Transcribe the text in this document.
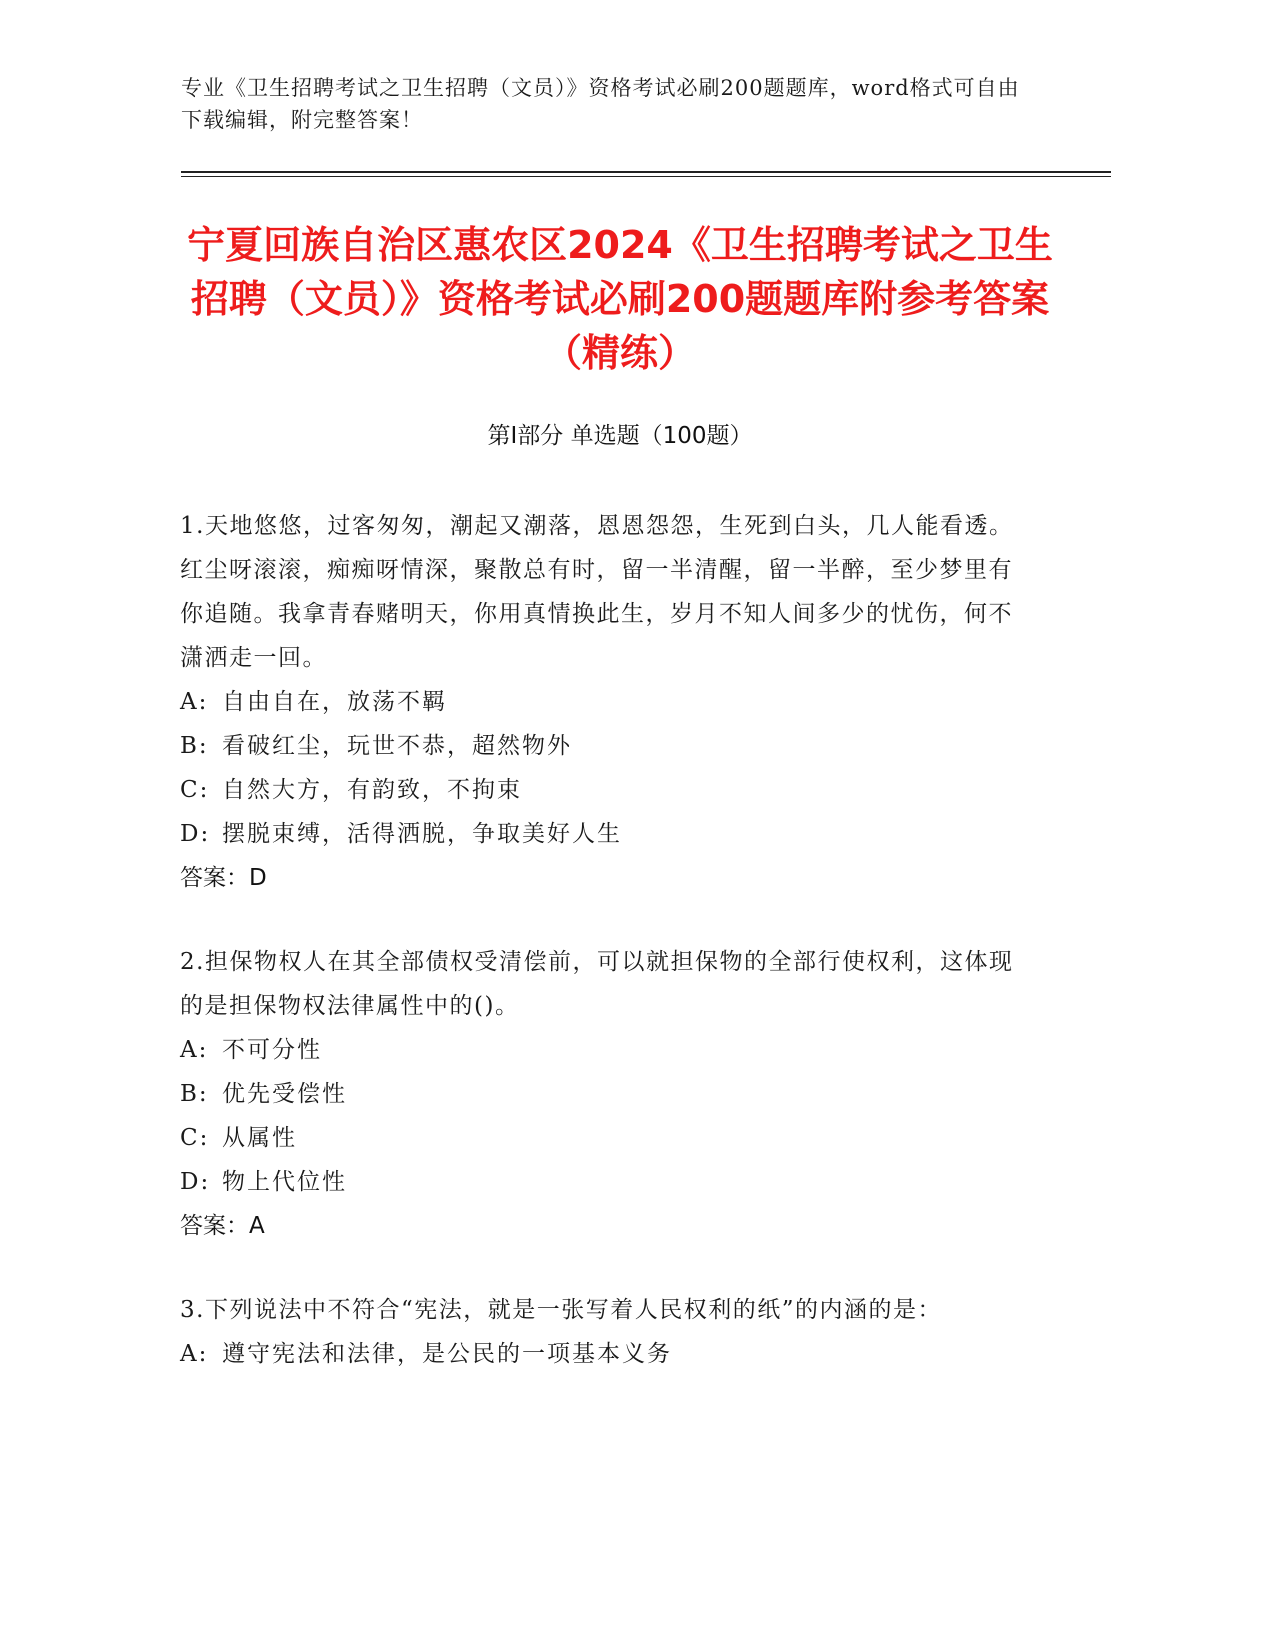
专业《卫生招聘考试之卫生招聘（文员）》资格考试必刷200题题库，word格式可自由下载编辑，附完整答案！
宁夏回族自治区惠农区2024《卫生招聘考试之卫生招聘（文员）》资格考试必刷200题题库附参考答案（精练）
第Ⅰ部分 单选题（100题）
1.天地悠悠，过客匆匆，潮起又潮落，恩恩怨怨，生死到白头，几人能看透。红尘呀滚滚，痴痴呀情深，聚散总有时，留一半清醒，留一半醉，至少梦里有你追随。我拿青春赌明天，你用真情换此生，岁月不知人间多少的忧伤，何不潇洒走一回。
A: 自由自在，放荡不羁
B: 看破红尘，玩世不恭，超然物外
C: 自然大方，有韵致，不拘束
D: 摆脱束缚，活得洒脱，争取美好人生
答案：D
2.担保物权人在其全部债权受清偿前，可以就担保物的全部行使权利，这体现的是担保物权法律属性中的()。
A: 不可分性
B: 优先受偿性
C: 从属性
D: 物上代位性
答案：A
3.下列说法中不符合“宪法，就是一张写着人民权利的纸”的内涵的是：
A: 遵守宪法和法律，是公民的一项基本义务
